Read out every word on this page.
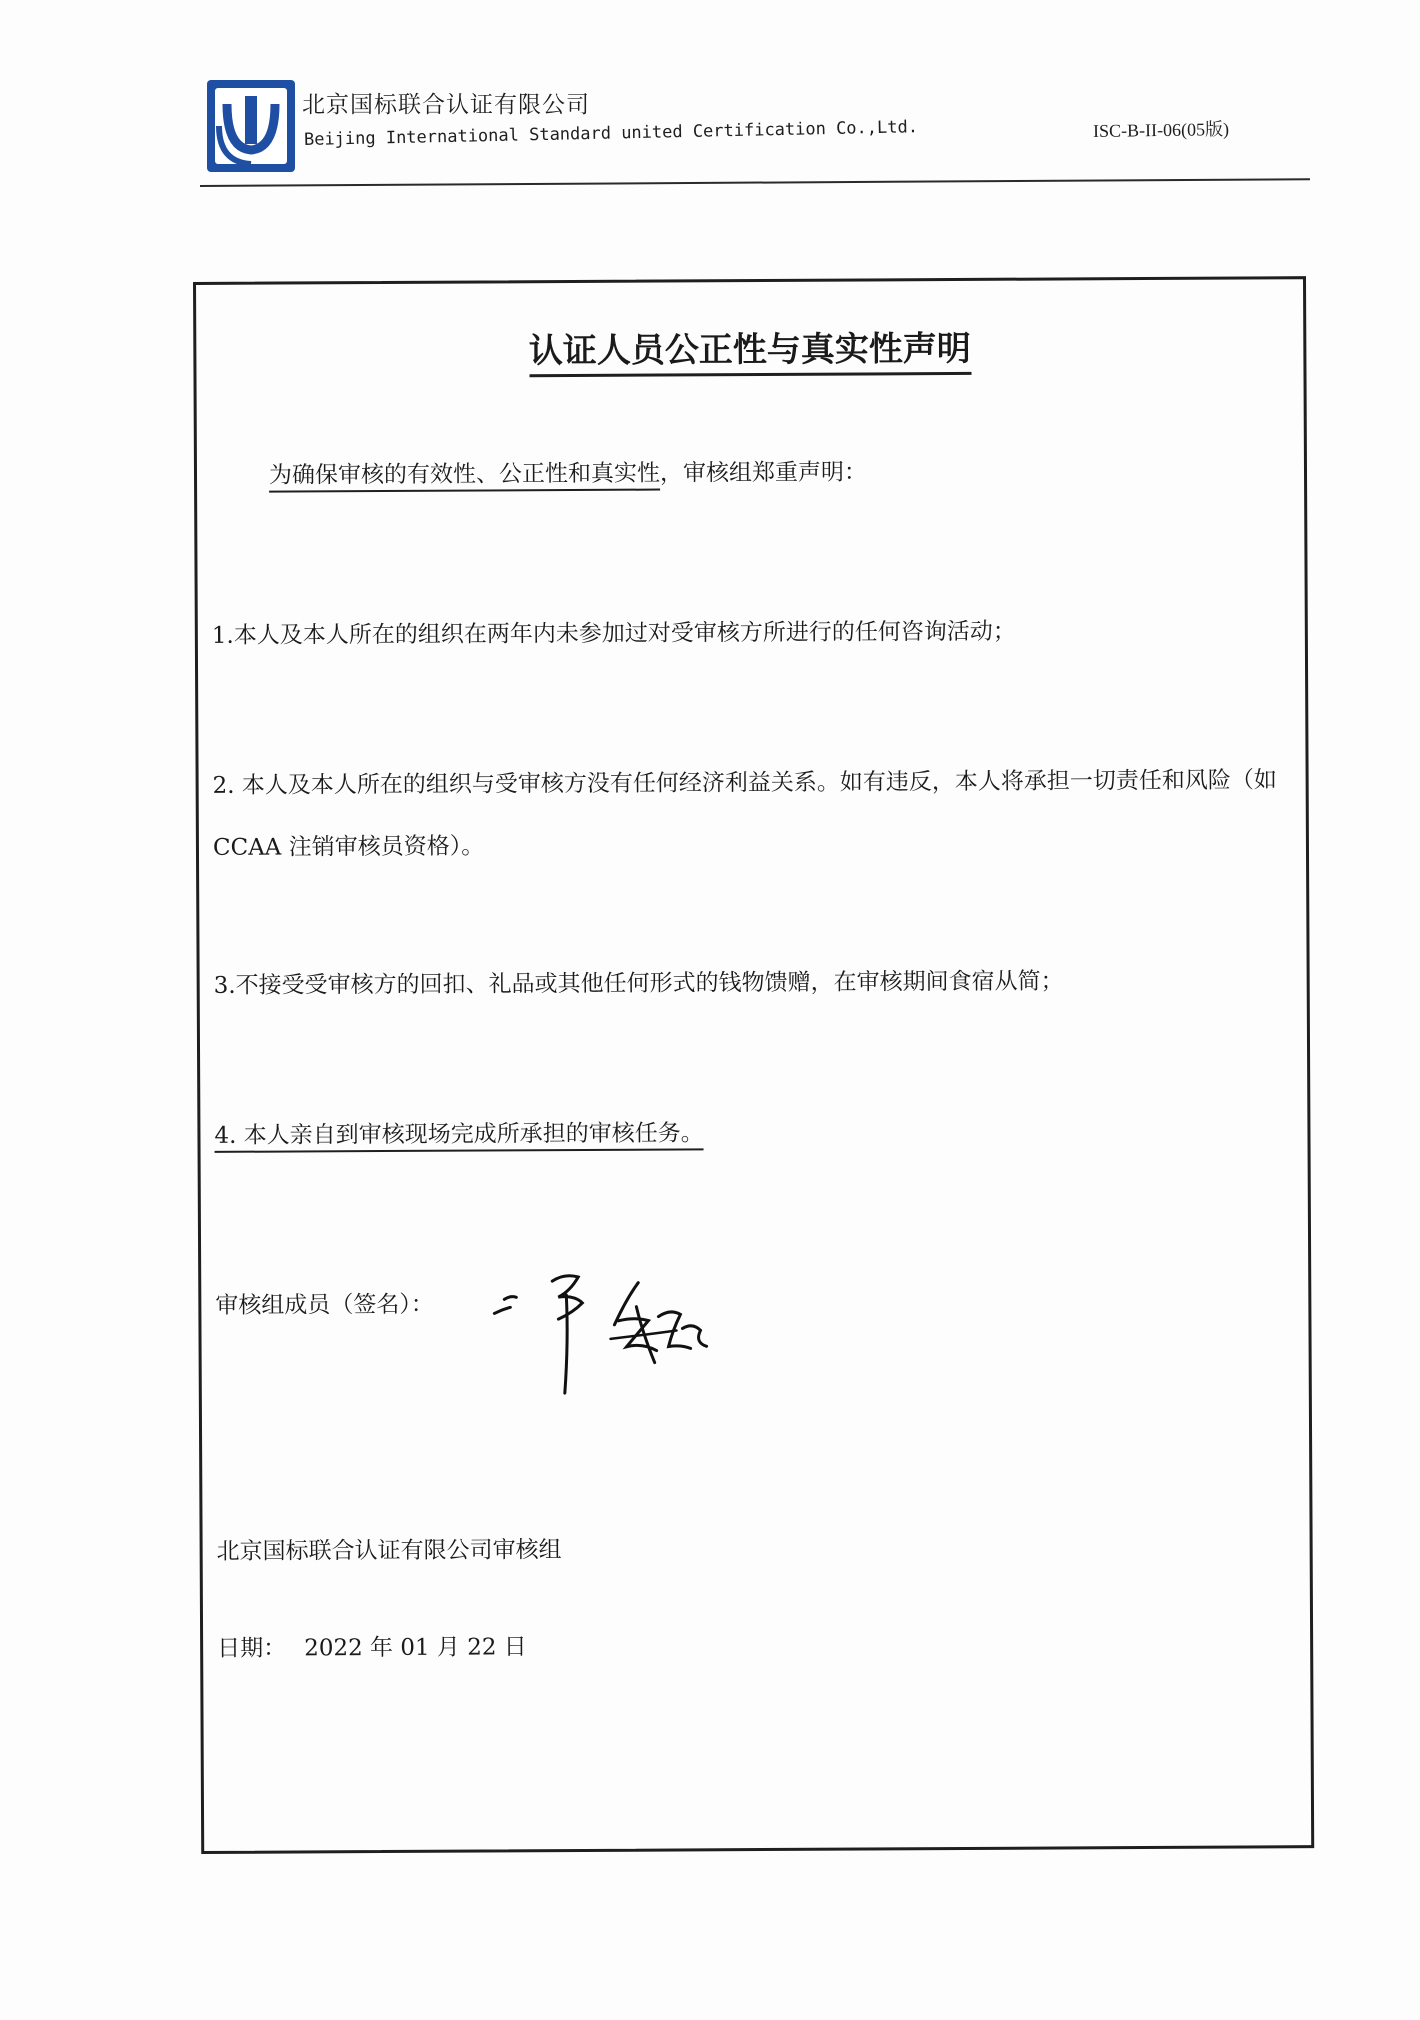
北京国标联合认证有限公司
Beijing International Standard united Certification Co.,Ltd.	ISC-B-II-06(05版)
认证人员公正性与真实性声明
为确保审核的有效性、公正性和真实性，审核组郑重声明：
1.本人及本人所在的组织在两年内未参加过对受审核方所进行的任何咨询活动；
2. 本人及本人所在的组织与受审核方没有任何经济利益关系。如有违反，本人将承担一切责任和风险（如 CCAA 注销审核员资格）。
3.不接受受审核方的回扣、礼品或其他任何形式的钱物馈赠，在审核期间食宿从简；
4. 本人亲自到审核现场完成所承担的审核任务。
审核组成员（签名）：
北京国标联合认证有限公司审核组
日期： 2022 年 01 月 22 日
